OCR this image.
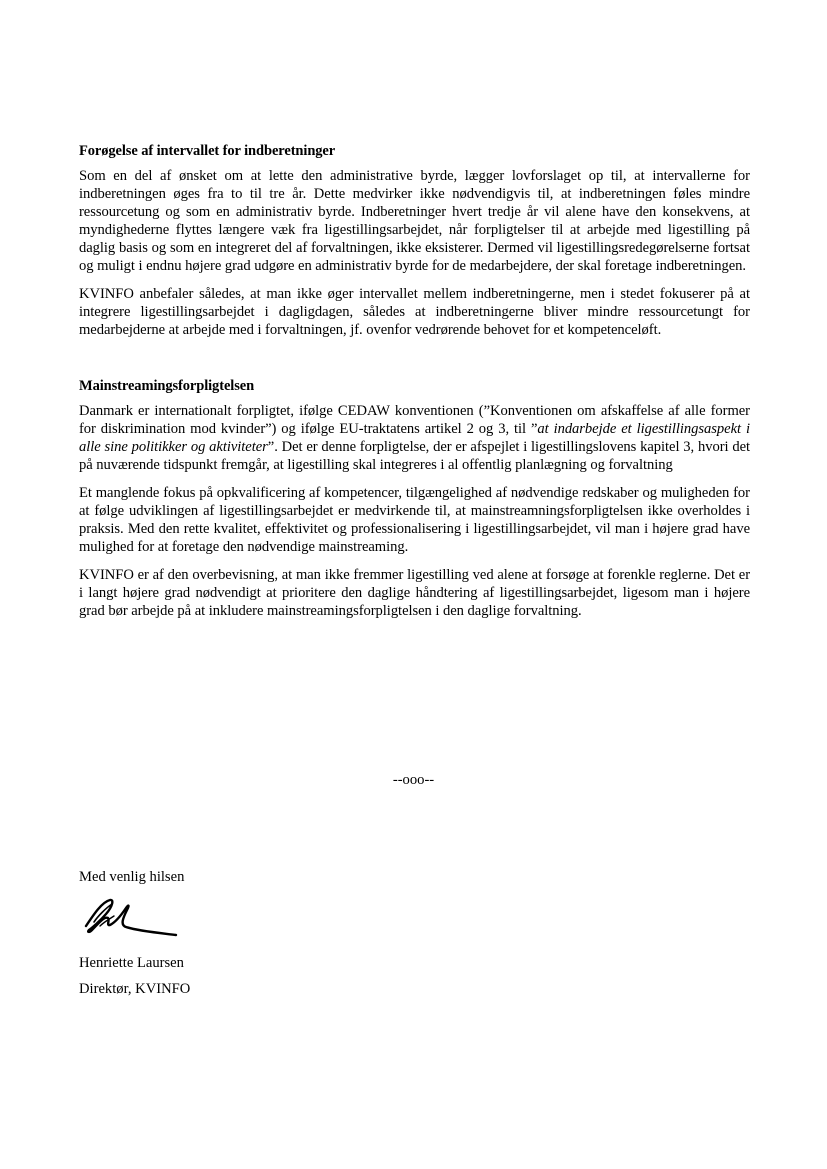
Forøgelse af intervallet for indberetninger

Som en del af ønsket om at lette den administrative byrde, lægger lovforslaget op til, at intervallerne for indberetningen øges fra to til tre år. Dette medvirker ikke nødvendigvis til, at indberetningen føles mindre ressourcetung og som en administrativ byrde. Indberetninger hvert tredje år vil alene have den konsekvens, at myndighederne flyttes længere væk fra ligestillingsarbejdet, når forpligtelser til at arbejde med ligestilling på daglig basis og som en integreret del af forvaltningen, ikke eksisterer. Dermed vil ligestillingsredegørelserne fortsat og muligt i endnu højere grad udgøre en administrativ byrde for de medarbejdere, der skal foretage indberetningen.

KVINFO anbefaler således, at man ikke øger intervallet mellem indberetningerne, men i stedet fokuserer på at integrere ligestillingsarbejdet i dagligdagen, således at indberetningerne bliver mindre ressourcetungt for medarbejderne at arbejde med i forvaltningen, jf. ovenfor vedrørende behovet for et kompetenceløft.

Mainstreamingsforpligtelsen

Danmark er internationalt forpligtet, ifølge CEDAW konventionen (”Konventionen om afskaffelse af alle former for diskrimination mod kvinder”) og ifølge EU-traktatens artikel 2 og 3, til ”at indarbejde et ligestillingsaspekt i alle sine politikker og aktiviteter”. Det er denne forpligtelse, der er afspejlet i ligestillingslovens kapitel 3, hvori det på nuværende tidspunkt fremgår, at ligestilling skal integreres i al offentlig planlægning og forvaltning

Et manglende fokus på opkvalificering af kompetencer, tilgængelighed af nødvendige redskaber og muligheden for at følge udviklingen af ligestillingsarbejdet er medvirkende til, at mainstreamningsforpligtelsen ikke overholdes i praksis. Med den rette kvalitet, effektivitet og professionalisering i ligestillingsarbejdet, vil man i højere grad have mulighed for at foretage den nødvendige mainstreaming.

KVINFO er af den overbevisning, at man ikke fremmer ligestilling ved alene at forsøge at forenkle reglerne. Det er i langt højere grad nødvendigt at prioritere den daglige håndtering af ligestillingsarbejdet, ligesom man i højere grad bør arbejde på at inkludere mainstreamingsforpligtelsen i den daglige forvaltning.

--ooo--
Med venlig hilsen
Henriette Laursen
Direktør, KVINFO
